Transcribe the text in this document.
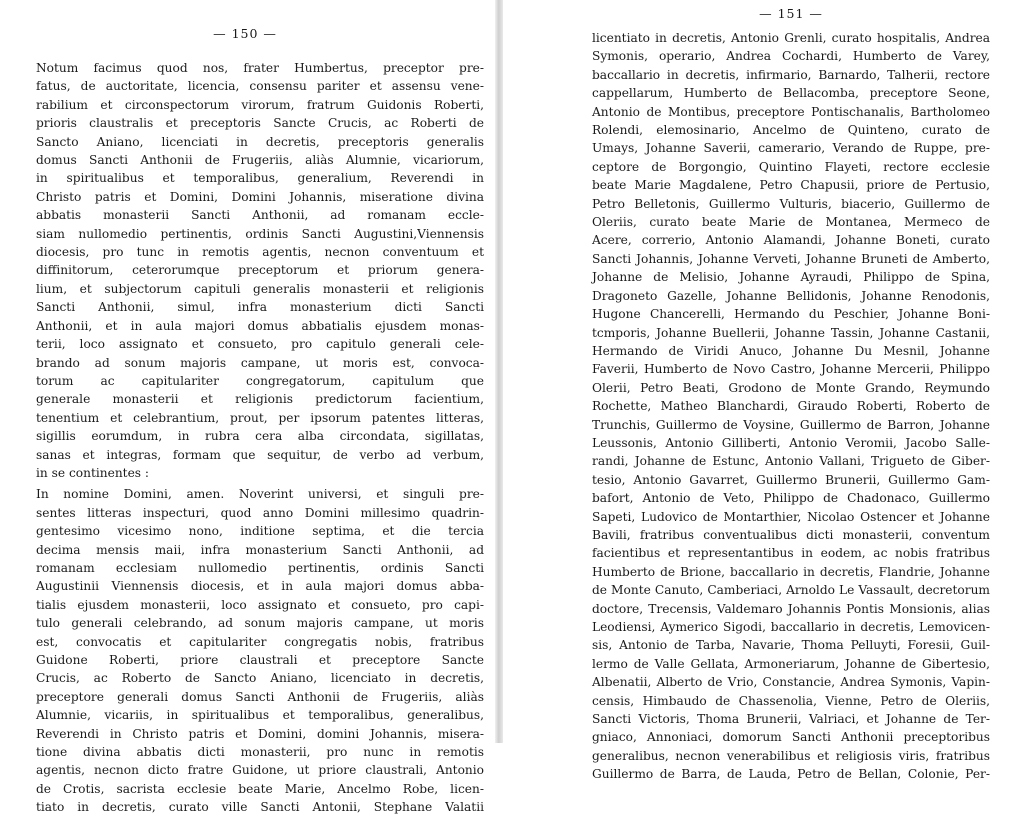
— 150 —
Notum facimus quod nos, frater Humbertus, preceptor pre-
fatus, de auctoritate, licencia, consensu pariter et assensu vene-
rabilium et circonspectorum virorum, fratrum Guidonis Roberti,
prioris claustralis et preceptoris Sancte Crucis, ac Roberti de
Sancto Aniano, licenciati in decretis, preceptoris generalis
domus Sancti Anthonii de Frugeriis, aliàs Alumnie, vicariorum,
in spiritualibus et temporalibus, generalium, Reverendi in
Christo patris et Domini, Domini Johannis, miseratione divina
abbatis monasterii Sancti Anthonii, ad romanam eccle-
siam nullomedio pertinentis, ordinis Sancti Augustini,Viennensis
diocesis, pro tunc in remotis agentis, necnon conventuum et
diffinitorum, ceterorumque preceptorum et priorum genera-
lium, et subjectorum capituli generalis monasterii et religionis
Sancti Anthonii, simul, infra monasterium dicti Sancti
Anthonii, et in aula majori domus abbatialis ejusdem monas-
terii, loco assignato et consueto, pro capitulo generali cele-
brando ad sonum majoris campane, ut moris est, convoca-
torum ac capitulariter congregatorum, capitulum que
generale monasterii et religionis predictorum facientium,
tenentium et celebrantium, prout, per ipsorum patentes litteras,
sigillis eorumdum, in rubra cera alba circondata, sigillatas,
sanas et integras, formam que sequitur, de verbo ad verbum,
in se continentes :
In nomine Domini, amen. Noverint universi, et singuli pre-
sentes litteras inspecturi, quod anno Domini millesimo quadrin-
gentesimo vicesimo nono, inditione septima, et die tercia
decima mensis maii, infra monasterium Sancti Anthonii, ad
romanam ecclesiam nullomedio pertinentis, ordinis Sancti
Augustinii Viennensis diocesis, et in aula majori domus abba-
tialis ejusdem monasterii, loco assignato et consueto, pro capi-
tulo generali celebrando, ad sonum majoris campane, ut moris
est, convocatis et capitulariter congregatis nobis, fratribus
Guidone Roberti, priore claustrali et preceptore Sancte
Crucis, ac Roberto de Sancto Aniano, licenciato in decretis,
preceptore generali domus Sancti Anthonii de Frugeriis, aliàs
Alumnie, vicariis, in spiritualibus et temporalibus, generalibus,
Reverendi in Christo patris et Domini, domini Johannis, misera-
tione divina abbatis dicti monasterii, pro nunc in remotis
agentis, necnon dicto fratre Guidone, ut priore claustrali, Antonio
de Crotis, sacrista ecclesie beate Marie, Ancelmo Robe, licen-
tiato in decretis, curato ville Sancti Antonii, Stephane Valatii
— 151 —
licentiato in decretis, Antonio Grenli, curato hospitalis, Andrea
Symonis, operario, Andrea Cochardi, Humberto de Varey,
baccallario in decretis, infirmario, Barnardo, Talherii, rectore
cappellarum, Humberto de Bellacomba, preceptore Seone,
Antonio de Montibus, preceptore Pontischanalis, Bartholomeo
Rolendi, elemosinario, Ancelmo de Quinteno, curato de
Umays, Johanne Saverii, camerario, Verando de Ruppe, pre-
ceptore de Borgongio, Quintino Flayeti, rectore ecclesie
beate Marie Magdalene, Petro Chapusii, priore de Pertusio,
Petro Belletonis, Guillermo Vulturis, biacerio, Guillermo de
Oleriis, curato beate Marie de Montanea, Mermeco de
Acere, correrio, Antonio Alamandi, Johanne Boneti, curato
Sancti Johannis, Johanne Verveti, Johanne Bruneti de Amberto,
Johanne de Melisio, Johanne Ayraudi, Philippo de Spina,
Dragoneto Gazelle, Johanne Bellidonis, Johanne Renodonis,
Hugone Chancerelli, Hermando du Peschier, Johanne Boni-
tcmporis, Johanne Buellerii, Johanne Tassin, Johanne Castanii,
Hermando de Viridi Anuco, Johanne Du Mesnil, Johanne
Faverii, Humberto de Novo Castro, Johanne Mercerii, Philippo
Olerii, Petro Beati, Grodono de Monte Grando, Reymundo
Rochette, Matheo Blanchardi, Giraudo Roberti, Roberto de
Trunchis, Guillermo de Voysine, Guillermo de Barron, Johanne
Leussonis, Antonio Gilliberti, Antonio Veromii, Jacobo Salle-
randi, Johanne de Estunc, Antonio Vallani, Trigueto de Giber-
tesio, Antonio Gavarret, Guillermo Brunerii, Guillermo Gam-
bafort, Antonio de Veto, Philippo de Chadonaco, Guillermo
Sapeti, Ludovico de Montarthier, Nicolao Ostencer et Johanne
Bavili, fratribus conventualibus dicti monasterii, conventum
facientibus et representantibus in eodem, ac nobis fratribus
Humberto de Brione, baccallario in decretis, Flandrie, Johanne
de Monte Canuto, Camberiaci, Arnoldo Le Vassault, decretorum
doctore, Trecensis, Valdemaro Johannis Pontis Monsionis, alias
Leodiensi, Aymerico Sigodi, baccallario in decretis, Lemovicen-
sis, Antonio de Tarba, Navarie, Thoma Pelluyti, Foresii, Guil-
lermo de Valle Gellata, Armoneriarum, Johanne de Gibertesio,
Albenatii, Alberto de Vrio, Constancie, Andrea Symonis, Vapin-
censis, Himbaudo de Chassenolia, Vienne, Petro de Oleriis,
Sancti Victoris, Thoma Brunerii, Valriaci, et Johanne de Ter-
gniaco, Annoniaci, domorum Sancti Anthonii preceptoribus
generalibus, necnon venerabilibus et religiosis viris, fratribus
Guillermo de Barra, de Lauda, Petro de Bellan, Colonie, Per-
